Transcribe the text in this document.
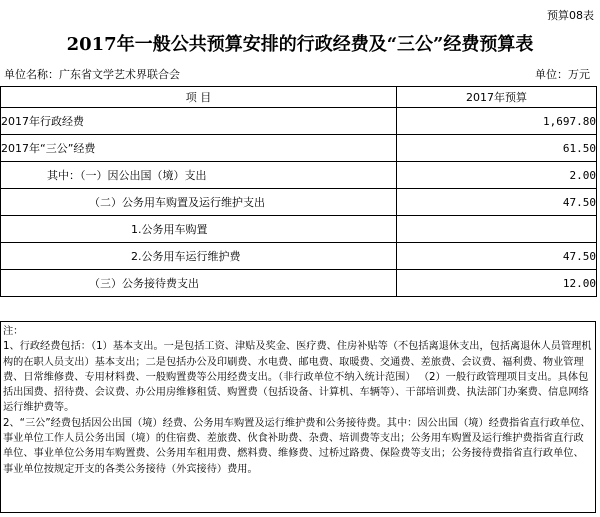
预算08表
2017年一般公共预算安排的行政经费及“三公”经费预算表
单位名称：广东省文学艺术界联合会	单位：万元
项 目	2017年预算
2017年行政经费	1,697.80
2017年“三公”经费	61.50
其中：（一）因公出国（境）支出	2.00
（二）公务用车购置及运行维护支出	47.50
1.公务用车购置	
2.公务用车运行维护费	47.50
（三）公务接待费支出	12.00

注：

1、行政经费包括：（1）基本支出。一是包括工资、津贴及奖金、医疗费、住房补贴等（不包括离退休支出，包括离退休人员管理机构的在职人员支出）基本支出；二是包括办公及印刷费、水电费、邮电费、取暖费、交通费、差旅费、会议费、福利费、物业管理费、日常维修费、专用材料费、一般购置费等公用经费支出。（非行政单位不纳入统计范围） （2）一般行政管理项目支出。具体包括出国费、招待费、会议费、办公用房维修租赁、购置费（包括设备、计算机、车辆等）、干部培训费、执法部门办案费、信息网络运行维护费等。

2、“三公”经费包括因公出国（境）经费、公务用车购置及运行维护费和公务接待费。其中：因公出国（境）经费指省直行政单位、事业单位工作人员公务出国（境）的住宿费、差旅费、伙食补助费、杂费、培训费等支出；公务用车购置及运行维护费指省直行政单位、事业单位公务用车购置费、公务用车租用费、燃料费、维修费、过桥过路费、保险费等支出；公务接待费指省直行政单位、事业单位按规定开支的各类公务接待（外宾接待）费用。
